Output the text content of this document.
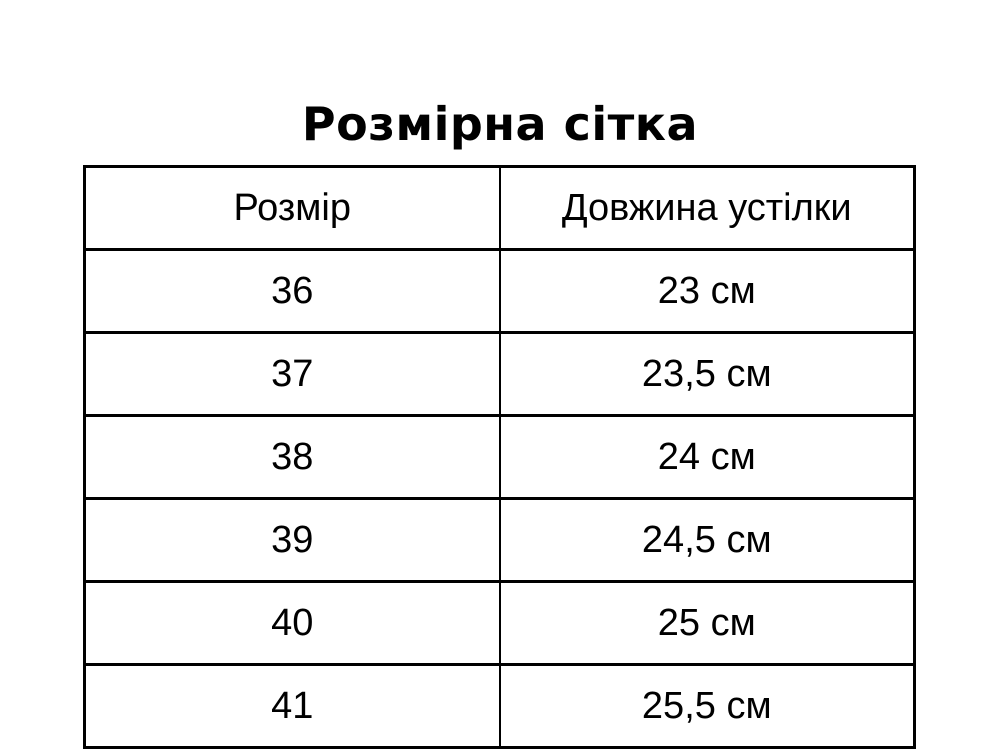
Розмірна сітка
Розмір	Довжина устілки
36	23 см
37	23,5 см
38	24 см
39	24,5 см
40	25 см
41	25,5 см
